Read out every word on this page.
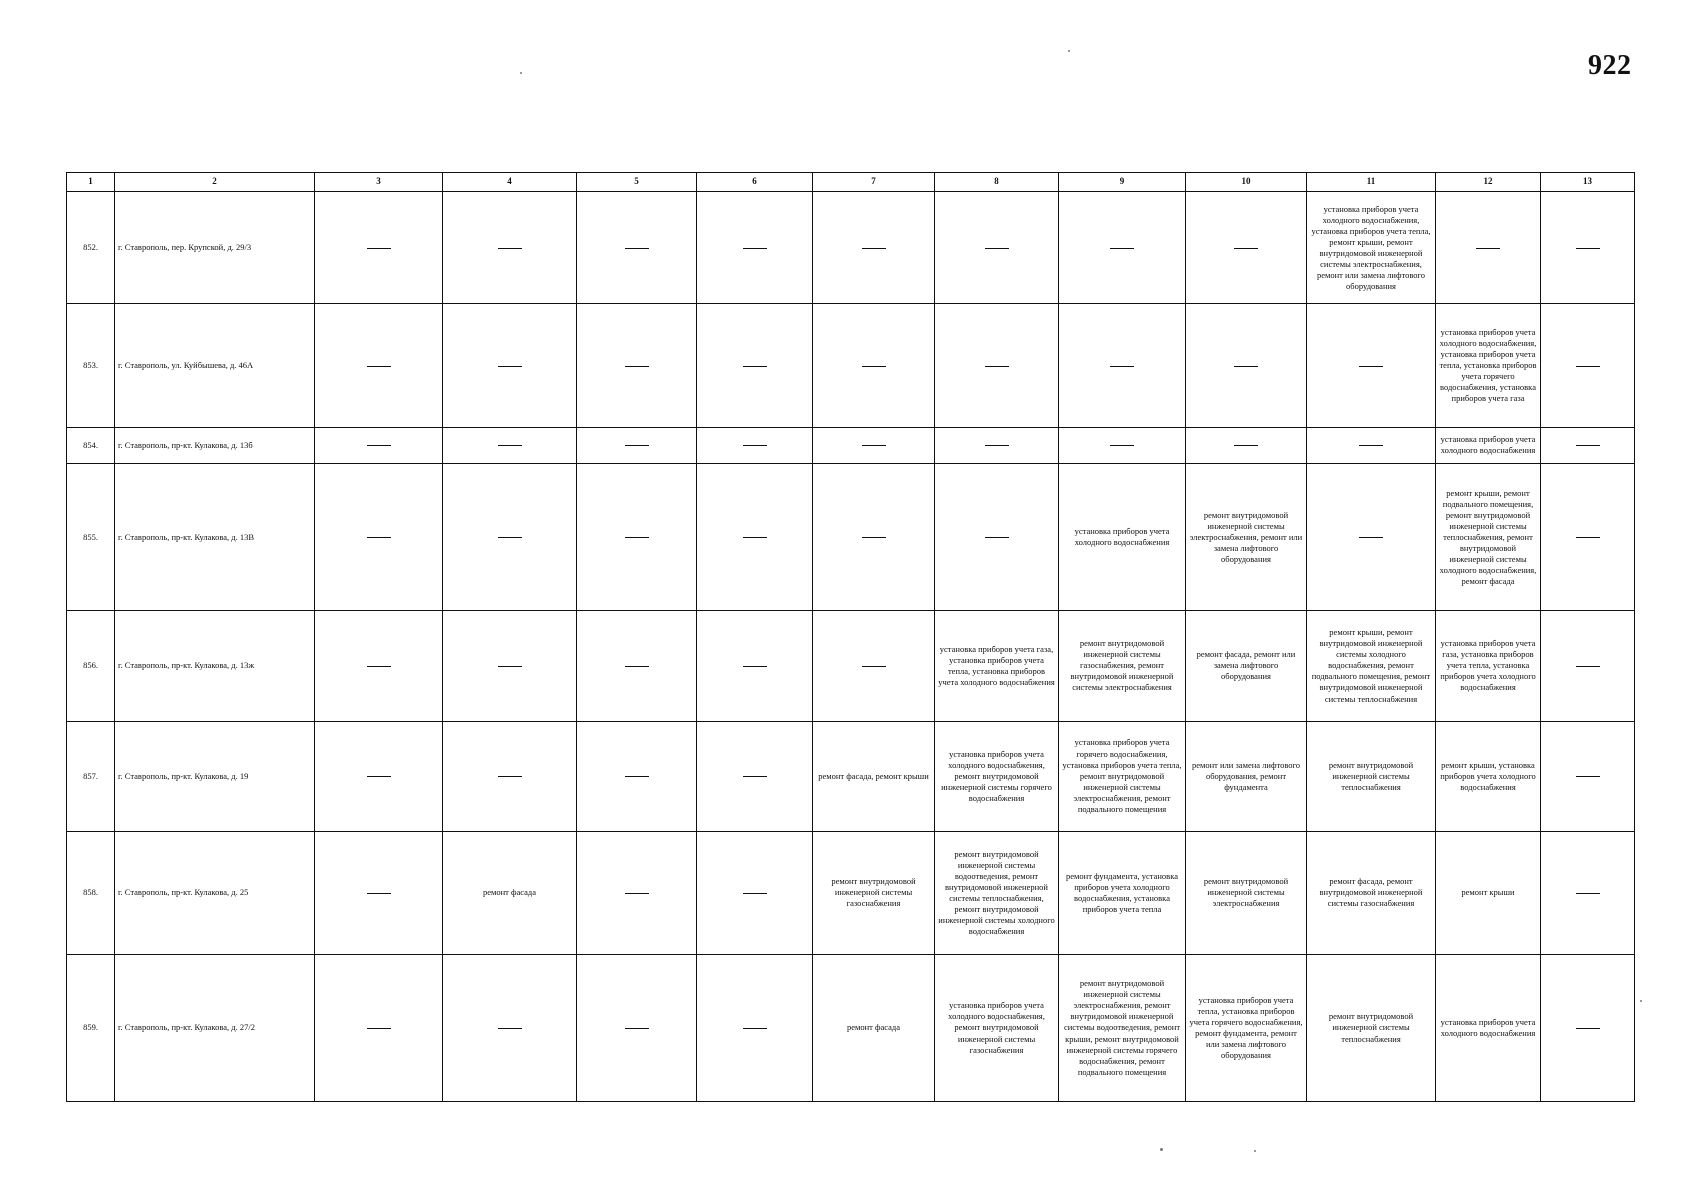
922
1	2	3	4	5	6	7	8	9	10	11	12	13
852.	г. Ставрополь, пер. Крупской, д. 29/3									установка приборов учета холодного водоснабжения, установка приборов учета тепла, ремонт крыши, ремонт внутридомовой инженерной системы электроснабжения, ремонт или замена лифтового оборудования		

853.	г. Ставрополь, ул. Куйбышева, д. 46А										установка приборов учета холодного водоснабжения, установка приборов учета тепла, установка приборов учета горячего водоснабжения, установка приборов учета газа	

854.	г. Ставрополь, пр-кт. Кулакова, д. 13б										установка приборов учета холодного водоснабжения	

855.	г. Ставрополь, пр-кт. Кулакова, д. 13В							установка приборов учета холодного водоснабжения	ремонт внутридомовой инженерной системы электроснабжения, ремонт или замена лифтового оборудования		ремонт крыши, ремонт подвального помещения, ремонт внутридомовой инженерной системы теплоснабжения, ремонт внутридомовой инженерной системы холодного водоснабжения, ремонт фасада	

856.	г. Ставрополь, пр-кт. Кулакова, д. 13ж						установка приборов учета газа, установка приборов учета тепла, установка приборов учета холодного водоснабжения	ремонт внутридомовой инженерной системы газоснабжения, ремонт внутридомовой инженерной системы электроснабжения	ремонт фасада, ремонт или замена лифтового оборудования	ремонт крыши, ремонт внутридомовой инженерной системы холодного водоснабжения, ремонт подвального помещения, ремонт внутридомовой инженерной системы теплоснабжения	установка приборов учета газа, установка приборов учета тепла, установка приборов учета холодного водоснабжения	

857.	г. Ставрополь, пр-кт. Кулакова, д. 19					ремонт фасада, ремонт крыши	установка приборов учета холодного водоснабжения, ремонт внутридомовой инженерной системы горячего водоснабжения	установка приборов учета горячего водоснабжения, установка приборов учета тепла, ремонт внутридомовой инженерной системы электроснабжения, ремонт подвального помещения	ремонт или замена лифтового оборудования, ремонт фундамента	ремонт внутридомовой инженерной системы теплоснабжения	ремонт крыши, установка приборов учета холодного водоснабжения	

858.	г. Ставрополь, пр-кт. Кулакова, д. 25		ремонт фасада			ремонт внутридомовой инженерной системы газоснабжения	ремонт внутридомовой инженерной системы водоотведения, ремонт внутридомовой инженерной системы теплоснабжения, ремонт внутридомовой инженерной системы холодного водоснабжения	ремонт фундамента, установка приборов учета холодного водоснабжения, установка приборов учета тепла	ремонт внутридомовой инженерной системы электроснабжения	ремонт фасада, ремонт внутридомовой инженерной системы газоснабжения	ремонт крыши	

859.	г. Ставрополь, пр-кт. Кулакова, д. 27/2					ремонт фасада	установка приборов учета холодного водоснабжения, ремонт внутридомовой инженерной системы газоснабжения	ремонт внутридомовой инженерной системы электроснабжения, ремонт внутридомовой инженерной системы водоотведения, ремонт крыши, ремонт внутридомовой инженерной системы горячего водоснабжения, ремонт подвального помещения	установка приборов учета тепла, установка приборов учета горячего водоснабжения, ремонт фундамента, ремонт или замена лифтового оборудования	ремонт внутридомовой инженерной системы теплоснабжения	установка приборов учета холодного водоснабжения	
